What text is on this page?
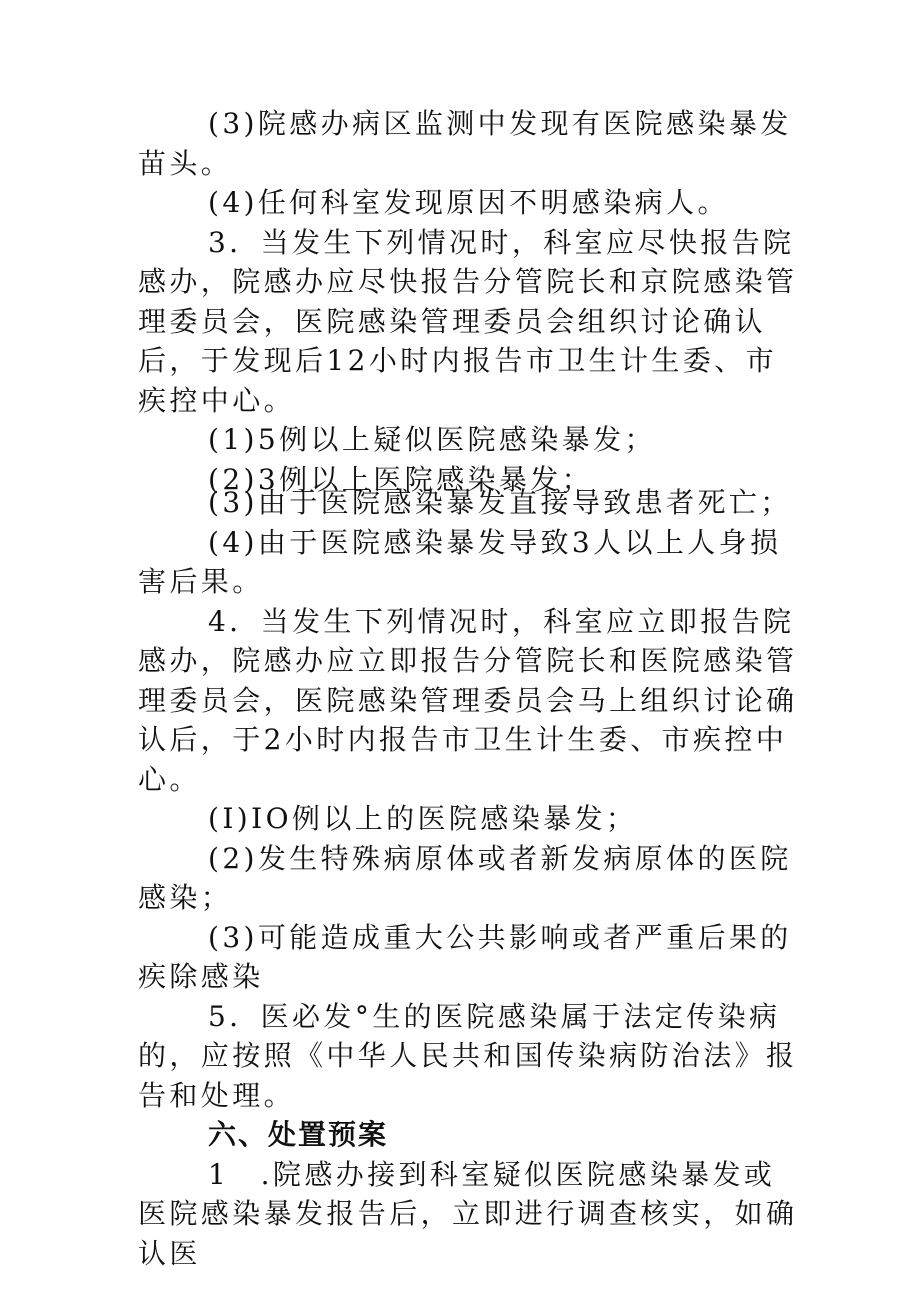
(3)院感办病区监测中发现有医院感染暴发苗头。

(4)任何科室发现原因不明感染病人。

3．当发生下列情况时，科室应尽快报告院感办，院感办应尽快报告分管院长和京院感染管理委员会，医院感染管理委员会组织讨论确认后，于发现后12小时内报告市卫生计生委、市疾控中心。

(1)5例以上疑似医院感染暴发；

(2)3例以上医院感染暴发；

(3)由于医院感染暴发直接导致患者死亡；

(4)由于医院感染暴发导致3人以上人身损害后果。

4．当发生下列情况时，科室应立即报告院感办，院感办应立即报告分管院长和医院感染管理委员会，医院感染管理委员会马上组织讨论确认后，于2小时内报告市卫生计生委、市疾控中心。

(I)IO例以上的医院感染暴发；

(2)发生特殊病原体或者新发病原体的医院感染；

(3)可能造成重大公共影响或者严重后果的疾除感染

5．医必发°生的医院感染属于法定传染病的，应按照《中华人民共和国传染病防治法》报告和处理。

六、处置预案

1　.院感办接到科室疑似医院感染暴发或医院感染暴发报告后，立即进行调查核实，如确认医
